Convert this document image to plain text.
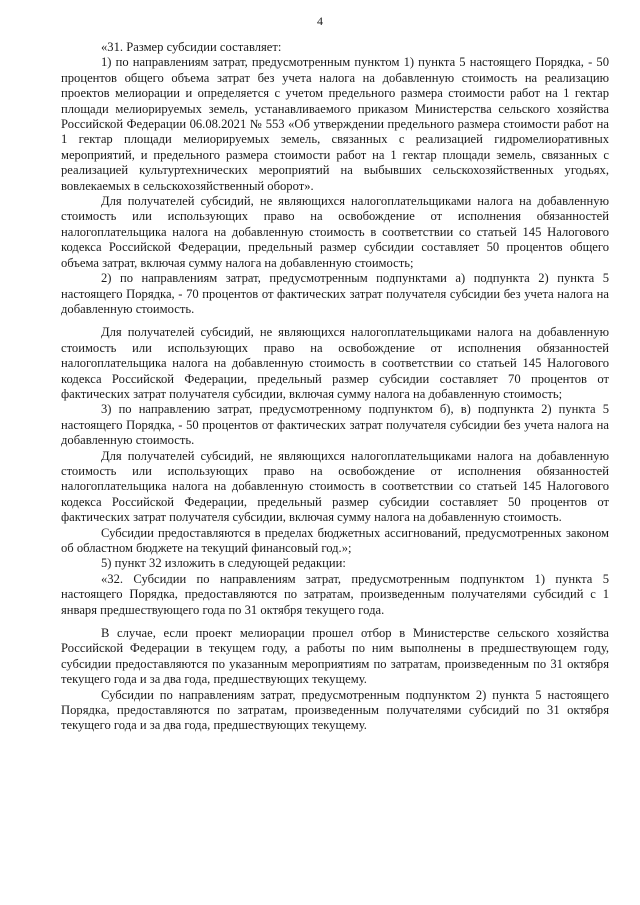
4

«31. Размер субсидии составляет:

1) по направлениям затрат, предусмотренным пунктом 1) пункта 5 настоящего Порядка, - 50 процентов общего объема затрат без учета налога на добавленную стоимость на реализацию проектов мелиорации и определяется с учетом предельного размера стоимости работ на 1 гектар площади мелиорируемых земель, устанавливаемого приказом Министерства сельского хозяйства Российской Федерации 06.08.2021 № 553 «Об утверждении предельного размера стоимости работ на 1 гектар площади мелиорируемых земель, связанных с реализацией гидромелиоративных мероприятий, и предельного размера стоимости работ на 1 гектар площади земель, связанных с реализацией культуртехнических мероприятий на выбывших сельскохозяйственных угодьях, вовлекаемых в сельскохозяйственный оборот».

Для получателей субсидий, не являющихся налогоплательщиками налога на добавленную стоимость или использующих право на освобождение от исполнения обязанностей налогоплательщика налога на добавленную стоимость в соответствии со статьей 145 Налогового кодекса Российской Федерации, предельный размер субсидии составляет 50 процентов общего объема затрат, включая сумму налога на добавленную стоимость;

2) по направлениям затрат, предусмотренным подпунктами а) подпункта 2) пункта 5 настоящего Порядка, - 70 процентов от фактических затрат получателя субсидии без учета налога на добавленную стоимость.

Для получателей субсидий, не являющихся налогоплательщиками налога на добавленную стоимость или использующих право на освобождение от исполнения обязанностей налогоплательщика налога на добавленную стоимость в соответствии со статьей 145 Налогового кодекса Российской Федерации, предельный размер субсидии составляет 70 процентов от фактических затрат получателя субсидии, включая сумму налога на добавленную стоимость;

3) по направлению затрат, предусмотренному подпунктом б), в) подпункта 2) пункта 5 настоящего Порядка, - 50 процентов от фактических затрат получателя субсидии без учета налога на добавленную стоимость.

Для получателей субсидий, не являющихся налогоплательщиками налога на добавленную стоимость или использующих право на освобождение от исполнения обязанностей налогоплательщика налога на добавленную стоимость в соответствии со статьей 145 Налогового кодекса Российской Федерации, предельный размер субсидии составляет 50 процентов от фактических затрат получателя субсидии, включая сумму налога на добавленную стоимость.

Субсидии предоставляются в пределах бюджетных ассигнований, предусмотренных законом об областном бюджете на текущий финансовый год.»;

5) пункт 32 изложить в следующей редакции:

«32. Субсидии по направлениям затрат, предусмотренным подпунктом 1) пункта 5 настоящего Порядка, предоставляются по затратам, произведенным получателями субсидий с 1 января предшествующего года по 31 октября текущего года.

В случае, если проект мелиорации прошел отбор в Министерстве сельского хозяйства Российской Федерации в текущем году, а работы по ним выполнены в предшествующем году, субсидии предоставляются по указанным мероприятиям по затратам, произведенным по 31 октября текущего года и за два года, предшествующих текущему.

Субсидии по направлениям затрат, предусмотренным подпунктом 2) пункта 5 настоящего Порядка, предоставляются по затратам, произведенным получателями субсидий по 31 октября текущего года и за два года, предшествующих текущему.
